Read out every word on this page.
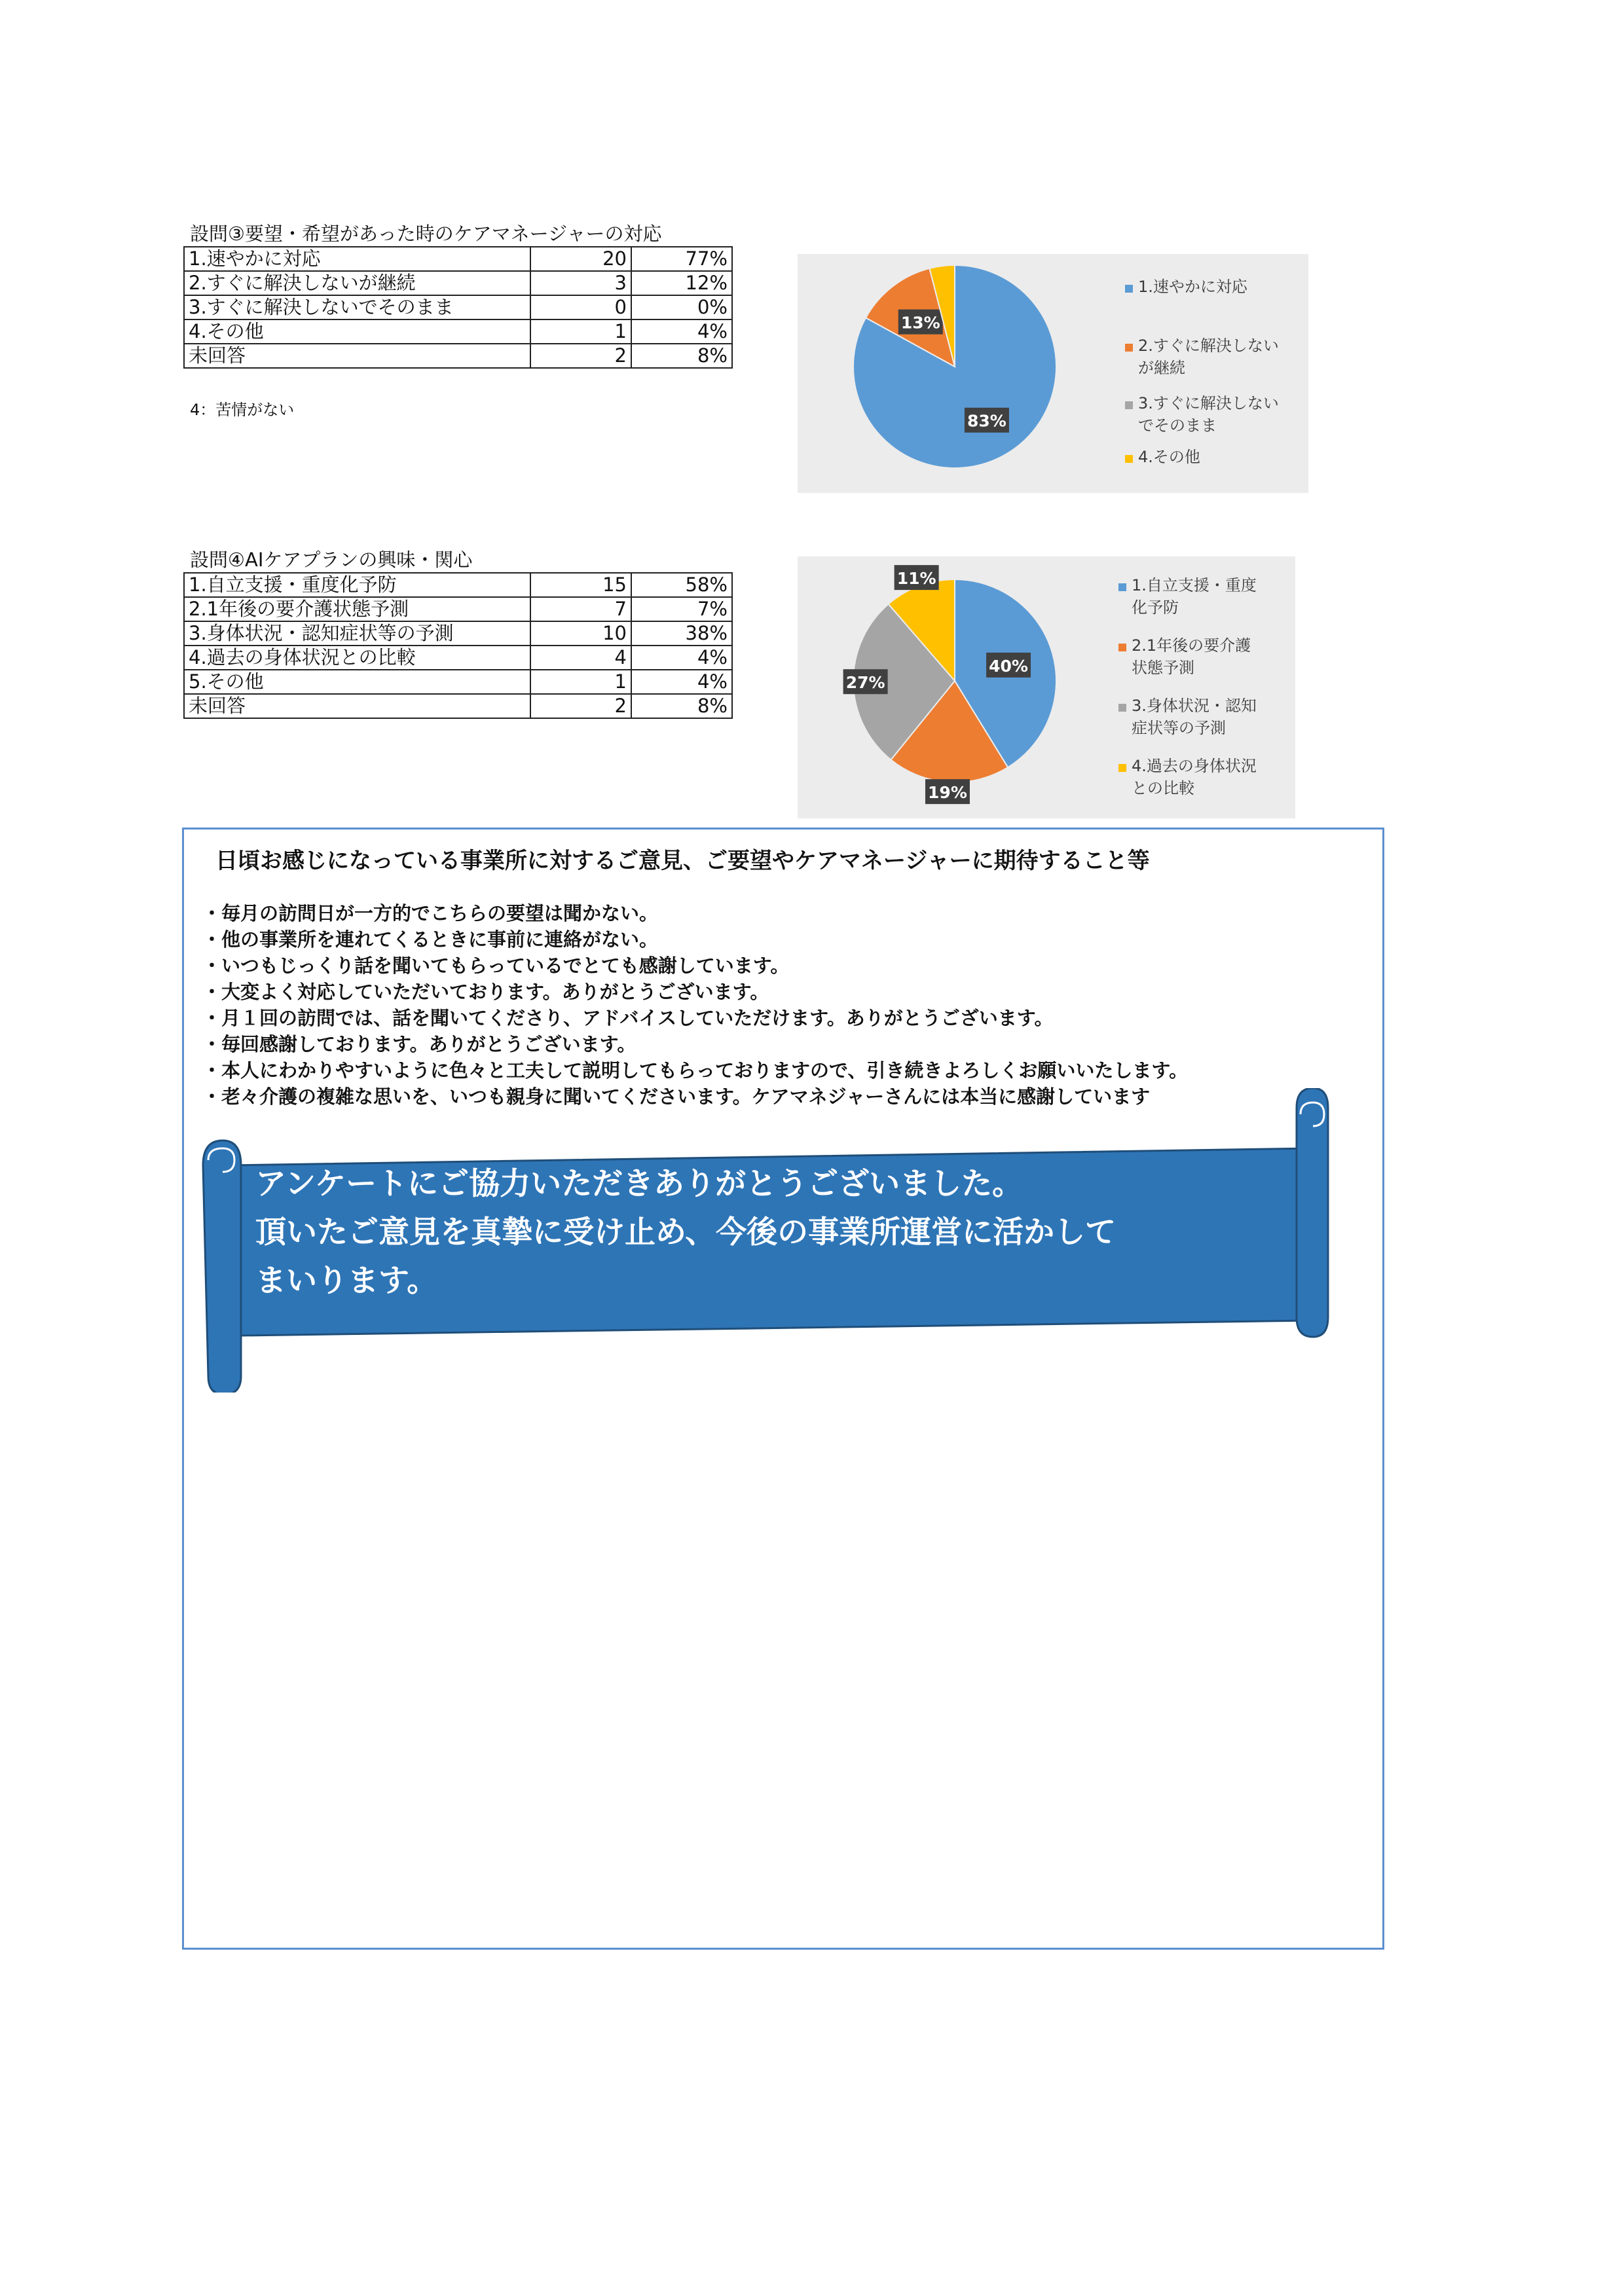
設問③要望・希望があった時のケアマネージャーの対応
1.速やかに対応	20	77%
2.すぐに解決しないが継続	3	12%
3.すぐに解決しないでそのまま	0	0%
4.その他	1	4%
未回答	2	8%
4：苦情がない
83%
13%
1.速やかに対応
2.すぐに解決しない
が継続
3.すぐに解決しない
でそのまま
4.その他
設問④AIケアプランの興味・関心
1.自立支援・重度化予防	15	58%
2.1年後の要介護状態予測	7	7%
3.身体状況・認知症状等の予測	10	38%
4.過去の身体状況との比較	4	4%
5.その他	1	4%
未回答	2	8%
40%
19%
27%
11%	1.自立支援・重度
化予防
2.1年後の要介護
状態予測
3.身体状況・認知
症状等の予測
4.過去の身体状況
との比較
日頃お感じになっている事業所に対するご意見、ご要望やケアマネージャーに期待すること等
・毎月の訪問日が一方的でこちらの要望は聞かない。
・他の事業所を連れてくるときに事前に連絡がない。
・いつもじっくり話を聞いてもらっているでとても感謝しています。
・大変よく対応していただいております。ありがとうございます。
・月１回の訪問では、話を聞いてくださり、アドバイスしていただけます。ありがとうございます。
・毎回感謝しております。ありがとうございます。
・本人にわかりやすいように色々と工夫して説明してもらっておりますので、引き続きよろしくお願いいたします。
・老々介護の複雑な思いを、いつも親身に聞いてくださいます。ケアマネジャーさんには本当に感謝しています
アンケートにご協力いただきありがとうございました。
頂いたご意見を真摯に受け止め、今後の事業所運営に活かして
まいります。
